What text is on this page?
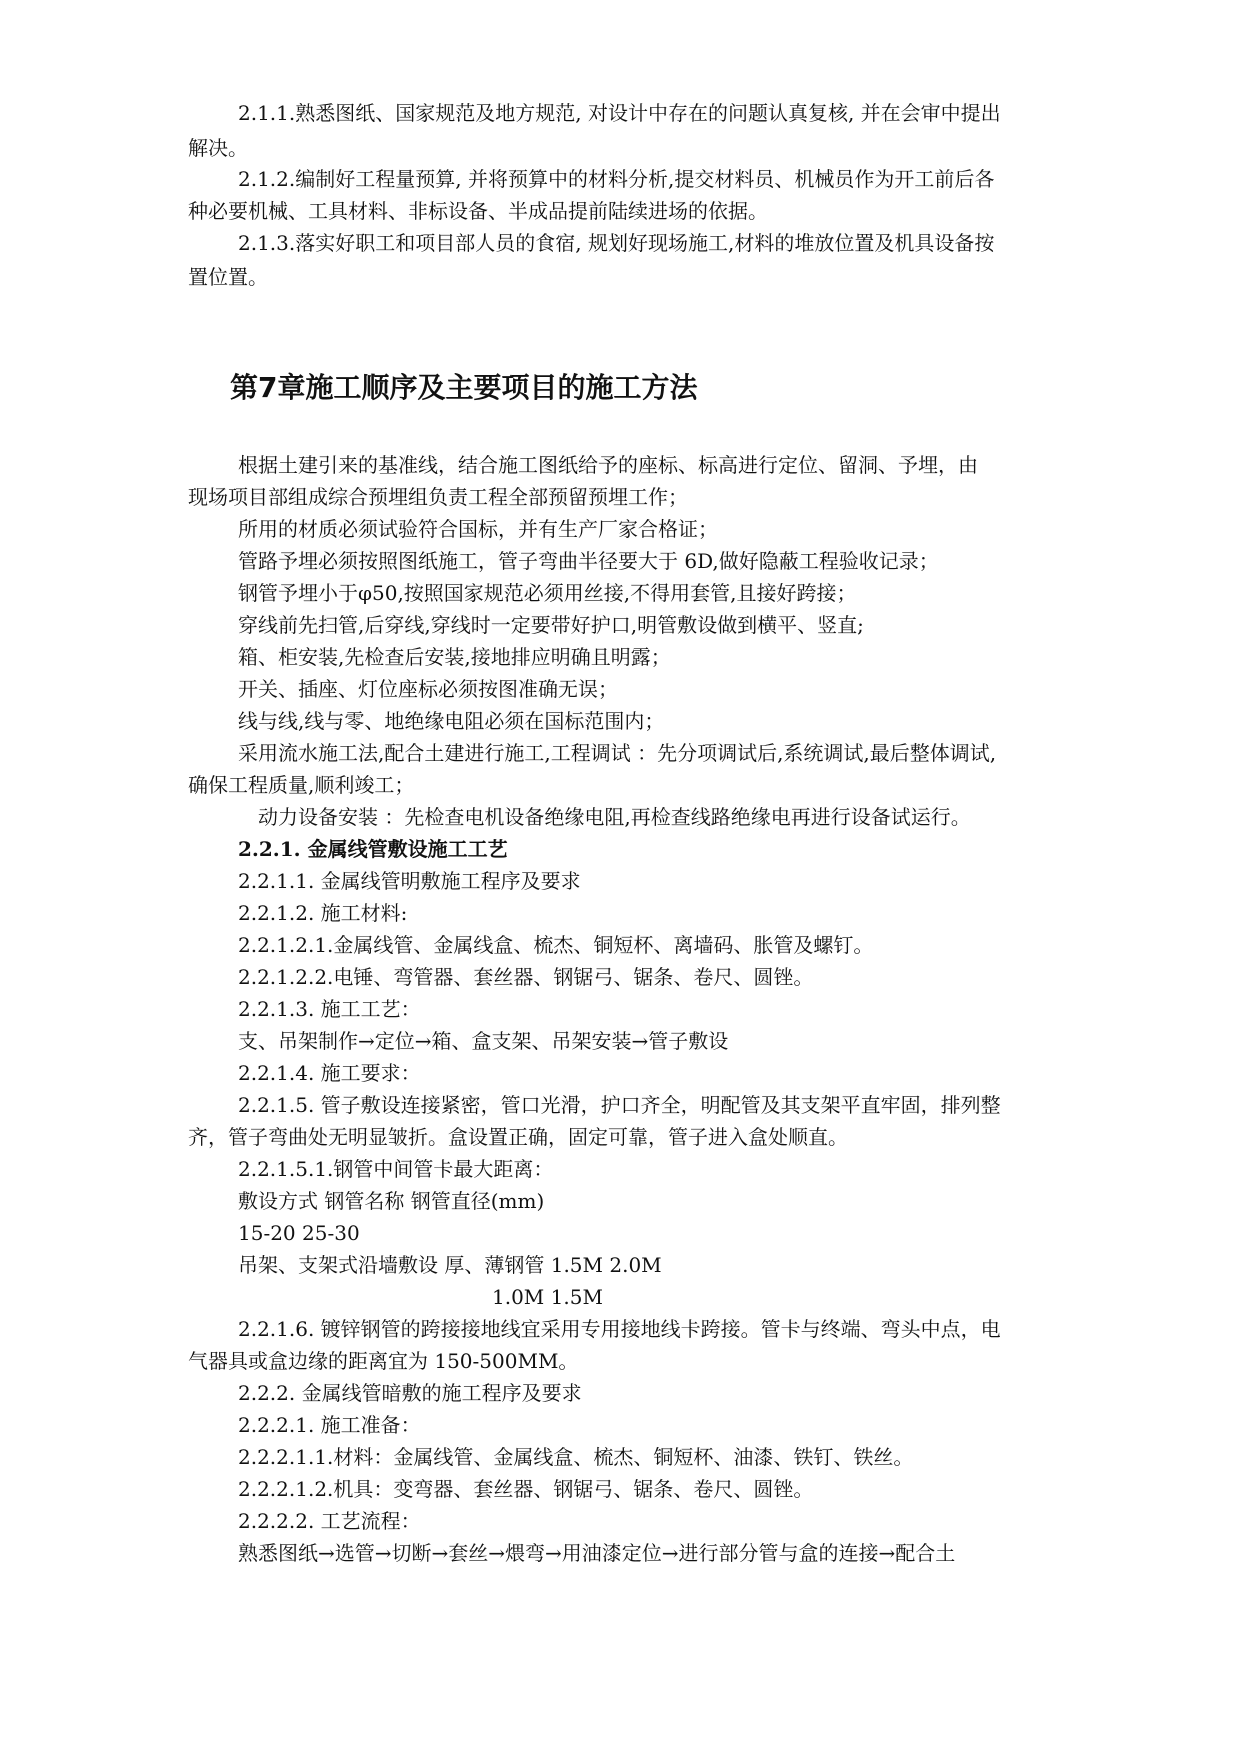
2.1.1.熟悉图纸、国家规范及地方规范, 对设计中存在的问题认真复核, 并在会审中提出
解决。
2.1.2.编制好工程量预算, 并将预算中的材料分析,提交材料员、机械员作为开工前后各
种必要机械、工具材料、非标设备、半成品提前陆续进场的依据。
2.1.3.落实好职工和项目部人员的食宿, 规划好现场施工,材料的堆放位置及机具设备按
置位置。
第7章施工顺序及主要项目的施工方法
根据土建引来的基准线，结合施工图纸给予的座标、标高进行定位、留洞、予埋，由
现场项目部组成综合预埋组负责工程全部预留预埋工作；
所用的材质必须试验符合国标，并有生产厂家合格证；
管路予埋必须按照图纸施工，管子弯曲半径要大于 6D,做好隐蔽工程验收记录；
钢管予埋小于φ50,按照国家规范必须用丝接,不得用套管,且接好跨接；
穿线前先扫管,后穿线,穿线时一定要带好护口,明管敷设做到横平、竖直;
箱、柜安装,先检查后安装,接地排应明确且明露；
开关、插座、灯位座标必须按图准确无误；
线与线,线与零、地绝缘电阻必须在国标范围内；
采用流水施工法,配合土建进行施工,工程调试 ：先分项调试后,系统调试,最后整体调试,
确保工程质量,顺利竣工；
动力设备安装 ：先检查电机设备绝缘电阻,再检查线路绝缘电再进行设备试运行。
2.2.1. 金属线管敷设施工工艺
2.2.1.1. 金属线管明敷施工程序及要求
2.2.1.2. 施工材料:
2.2.1.2.1.金属线管、金属线盒、梳杰、铜短杯、离墙码、胀管及螺钉。
2.2.1.2.2.电锤、弯管器、套丝器、钢锯弓、锯条、卷尺、圆锉。
2.2.1.3. 施工工艺：
支、吊架制作→定位→箱、盒支架、吊架安装→管子敷设
2.2.1.4. 施工要求：
2.2.1.5. 管子敷设连接紧密，管口光滑，护口齐全，明配管及其支架平直牢固，排列整
齐，管子弯曲处无明显皱折。盒设置正确，固定可靠，管子进入盒处顺直。
2.2.1.5.1.钢管中间管卡最大距离：
敷设方式 钢管名称 钢管直径(mm)
15-20 25-30
吊架、支架式沿墙敷设 厚、薄钢管 1.5M 2.0M
1.0M 1.5M
2.2.1.6. 镀锌钢管的跨接接地线宜采用专用接地线卡跨接。管卡与终端、弯头中点，电
气器具或盒边缘的距离宜为 150-500MM。
2.2.2. 金属线管暗敷的施工程序及要求
2.2.2.1. 施工准备：
2.2.2.1.1.材料：金属线管、金属线盒、梳杰、铜短杯、油漆、铁钉、铁丝。
2.2.2.1.2.机具：变弯器、套丝器、钢锯弓、锯条、卷尺、圆锉。
2.2.2.2. 工艺流程：
熟悉图纸→选管→切断→套丝→煨弯→用油漆定位→进行部分管与盒的连接→配合土
